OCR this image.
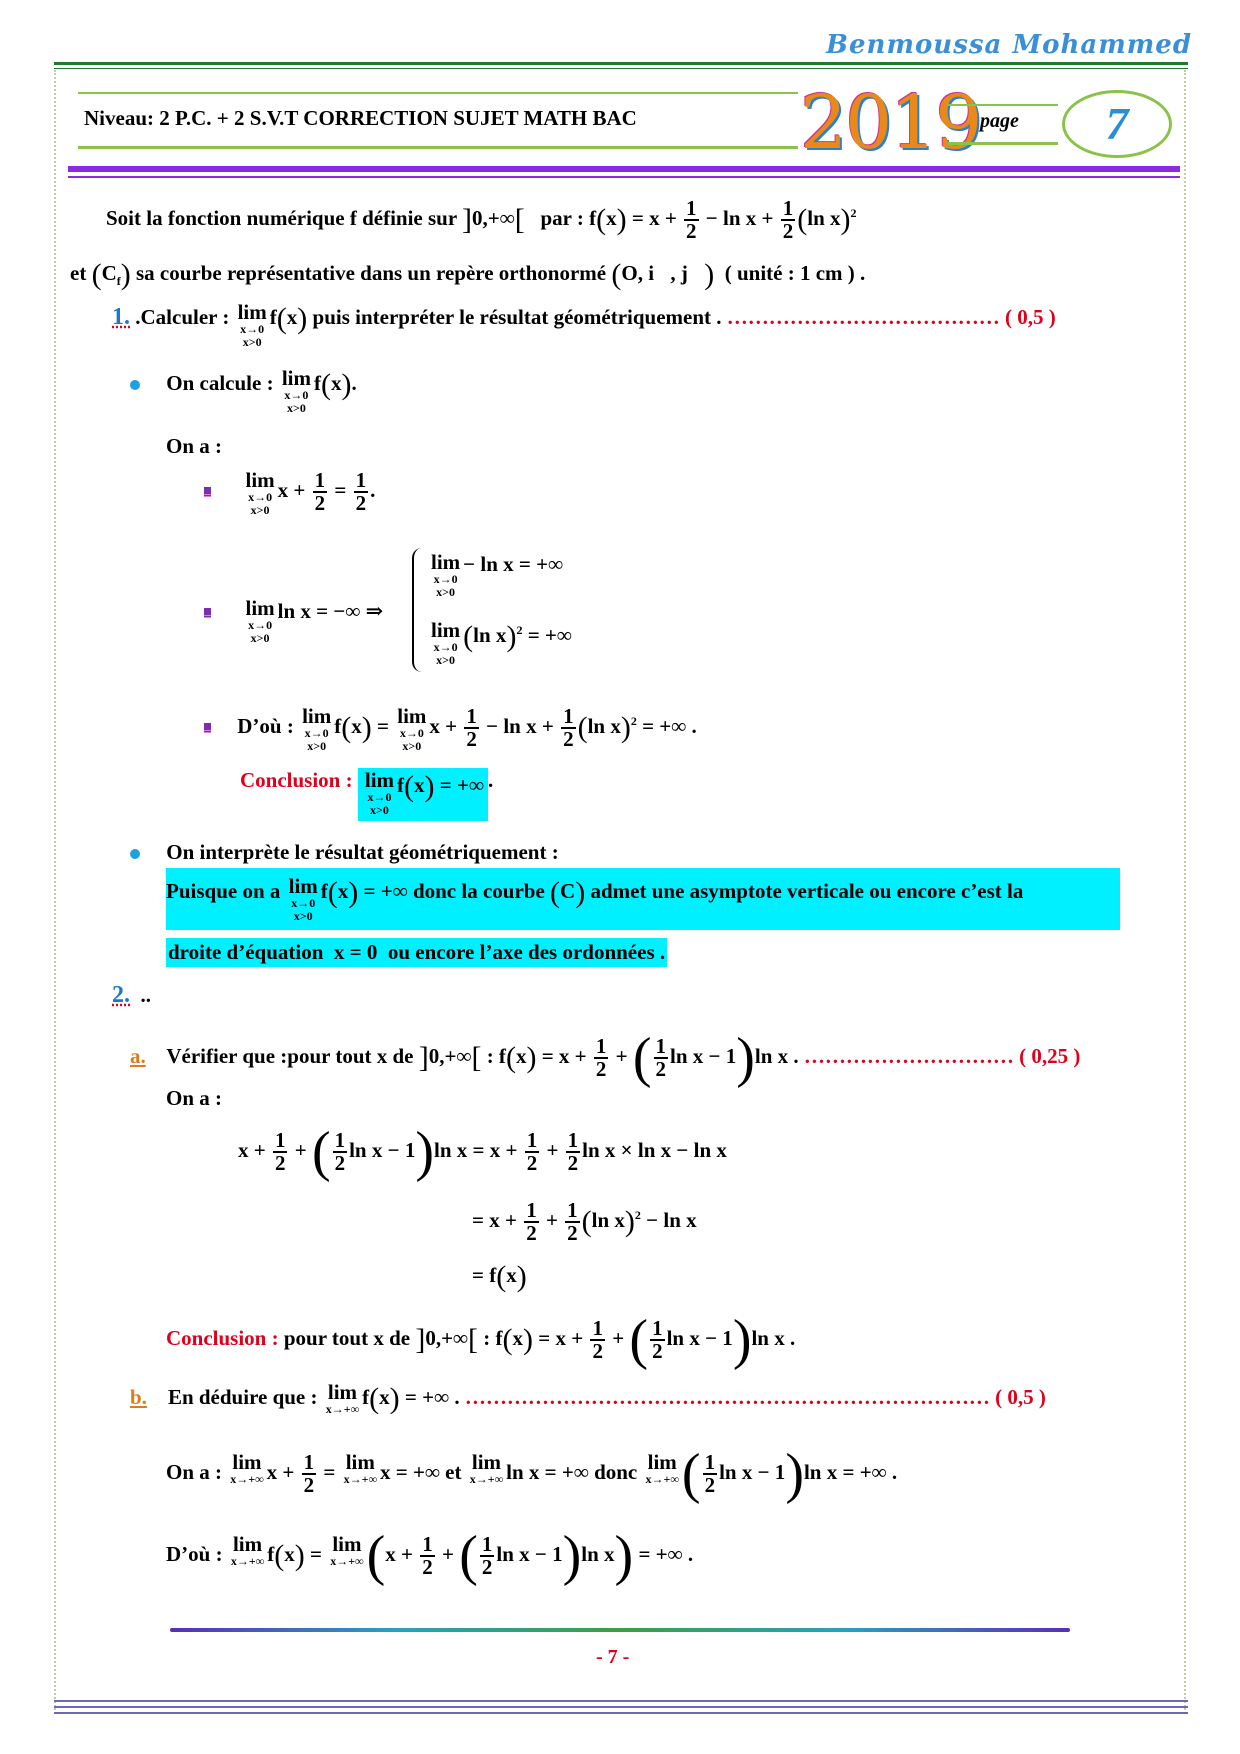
Benmoussa Mohammed
Niveau: 2 P.C. + 2 S.V.T CORRECTION SUJET MATH BAC 2019 page	7
Soit la fonction numérique f définie sur ]0,+∞[ par : $f(x) = x + \frac{1}{2} - \ln x + \frac{1}{2} (\ln$ x)$^2$
et $(C_f)$ sa courbe représentative dans un repère orthonormé (O, i⃗, j⃗) ( unité : 1 cm ) .
1. .Calculer : lim
x→0
x>0
f(x) puis interpréter le résultat géométriquement . ………………………………… ( 0,5 )
On calcule : lim
x→0
x>0
f(x).
On a :
lim
x→0
x>0
$x + \frac{1}{2} = \frac{1}{2}$ .
lim
x→0
x>0
ln x = −∞ ⇒
lim
x→0
x>0
− ln x = +∞
lim
x→0
x>0
(ln x)$^2$ = +∞
D’où : lim
x→0
x>0
f(x) = lim
x→0
x>0
$x + \frac{1}{2} - \ln x + \frac{1}{2} (\ln$ x)$^2$ = +∞ .
Conclusion : lim
x→0
x>0
f(x) = +∞ .
On interprète le résultat géométriquement :
Puisque on a lim
x→0
x>0
f(x) = +∞ donc la courbe (C) admet une asymptote verticale ou encore c’est la
droite d’équation  x = 0  ou encore l’axe des ordonnées .
2. ..
a. Vérifier que :pour tout x de ]0,+∞[ : $f(x) = x + \frac{1}{2}$ + ( $\frac{1}{2}$ ln x − 1)ln x . ………………………… ( 0,25 )
On a :
$x + \frac{1}{2}$ + ( $\frac{1}{2}$ ln x − 1)ln $x = x + \frac{1}{2} + \frac{1}{2}$ ln x × ln x − ln x
= $x + \frac{1}{2} + \frac{1}{2} (\ln$ x)$^2$ − ln x
= f(x)
Conclusion : pour tout x de ]0,+∞[ : $f(x) = x + \frac{1}{2}$ + ( $\frac{1}{2}$ ln x − 1)ln x .
b. En déduire que : lim
x→+∞
f(x) = +∞ . ………………………………………………………………… ( 0,5 )
On a : lim
x→+∞ $x + \frac{1}{2} = \lim$
x→+∞ x = +∞ et lim
x→+∞ ln x = +∞ donc lim
x→+∞ ( $\frac{1}{2}$ ln x − 1)ln x = +∞ .
D’où : lim
x→+∞ f(x) = lim
x→+∞ ($x + \frac{1}{2}$ + ( $\frac{1}{2}$ ln x − 1)ln x) = +∞ .
- 7 -
